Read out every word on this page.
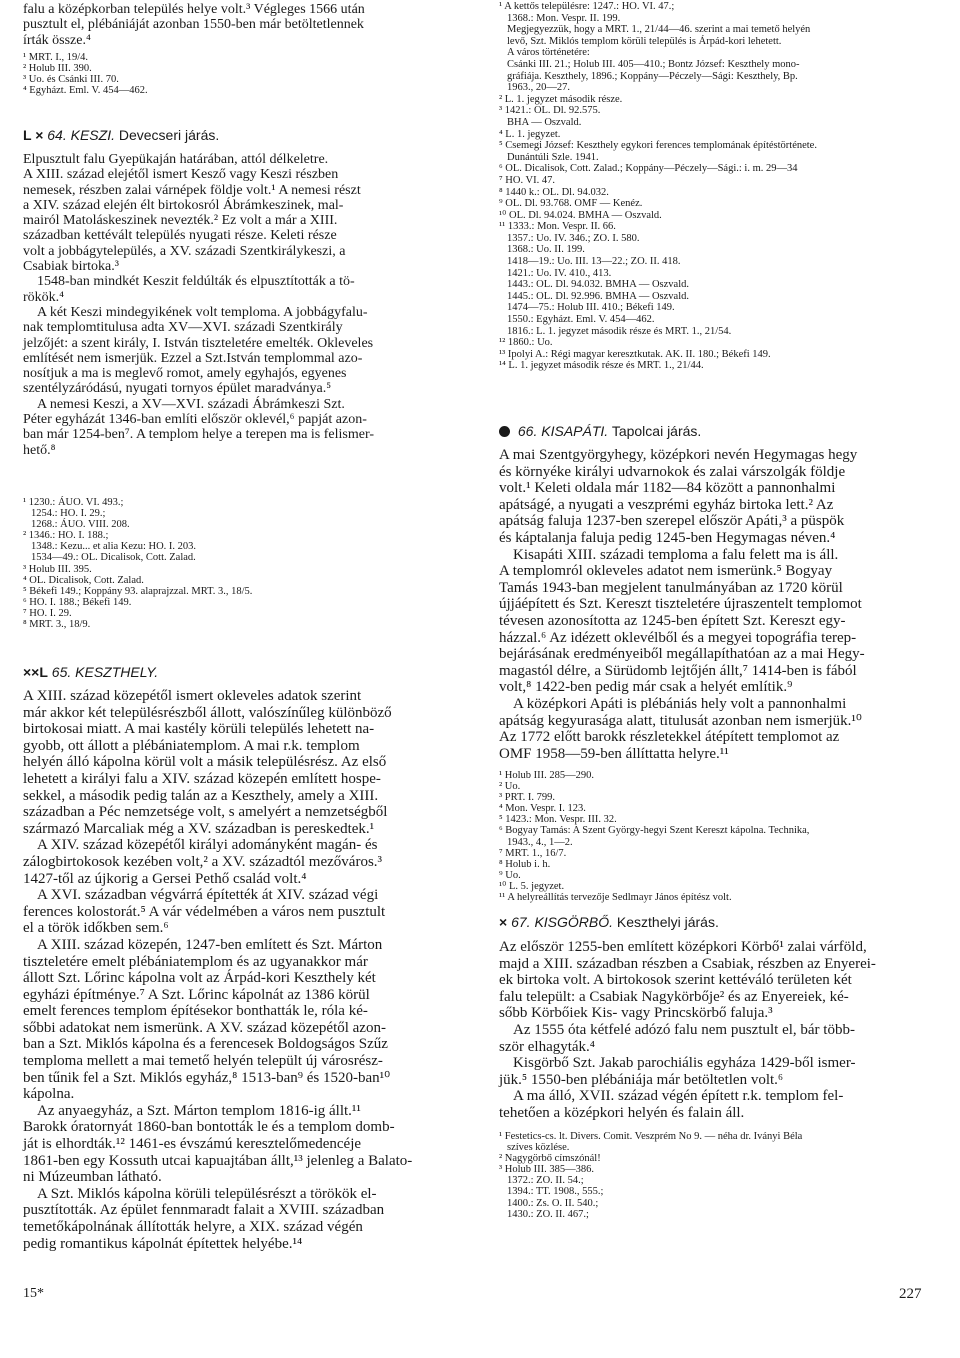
falu a középkorban település helye volt.³ Végleges 1566 után
pusztult el, plébániáját azonban 1550-ben már betöltetlennek
írták össze.⁴
¹ MRT. I., 19/4.
² Holub III. 390.
³ Uo. és Csánki III. 70.
⁴ Egyházt. Eml. V. 454—462.
L × 64. KESZI. Devecseri járás.
Elpusztult falu Gyepükaján határában, attól délkeletre.
A XIII. század elejétől ismert Kesző vagy Keszi részben
nemesek, részben zalai várnépek földje volt.¹ A nemesi részt
a XIV. század elején élt birtokosról Ábrámkeszinek, mal-
mairól Matoláskeszinek nevezték.² Ez volt a már a XIII.
században kettévált település nyugati része. Keleti része
volt a jobbágytelepülés, a XV. századi Szentkirálykeszi, a
Csabiak birtoka.³
1548-ban mindkét Keszit feldúlták és elpusztították a tö-
rökök.⁴
A két Keszi mindegyikének volt temploma. A jobbágyfalu-
nak templomtitulusa adta XV—XVI. századi Szentkirály
jelzőjét: a szent király, I. István tiszteletére emelték. Okleveles
említését nem ismerjük. Ezzel a Szt.István templommal azo-
nosítjuk a ma is meglevő romot, amely egyhajós, egyenes
szentélyzáródású, nyugati tornyos épület maradványa.⁵
A nemesi Keszi, a XV—XVI. századi Ábrámkeszi Szt.
Péter egyházát 1346-ban említi először oklevél,⁶ papját azon-
ban már 1254-ben⁷. A templom helye a terepen ma is felismer-
hető.⁸
¹ 1230.: ÁUO. VI. 493.;
1254.: HO. I. 29.;
1268.: ÁUO. VIII. 208.
² 1346.: HO. I. 188.;
1348.: Kezu... et alia Kezu: HO. I. 203.
1534—49.: OL. Dicalisok, Cott. Zalad.
³ Holub III. 395.
⁴ OL. Dicalisok, Cott. Zalad.
⁵ Békefi 149.; Koppány 93. alaprajzzal. MRT. 3., 18/5.
⁶ HO. I. 188.; Békefi 149.
⁷ HO. I. 29.
⁸ MRT. 3., 18/9.
××L 65. KESZTHELY.
A XIII. század közepétől ismert okleveles adatok szerint
már akkor két településrészből állott, valószínűleg különböző
birtokosai miatt. A mai kastély körüli település lehetett na-
gyobb, ott állott a plébániatemplom. A mai r.k. templom
helyén álló kápolna körül volt a másik településrész. Az első
lehetett a királyi falu a XIV. század közepén említett hospe-
sekkel, a második pedig talán az a Keszthely, amely a XIII.
században a Péc nemzetsége volt, s amelyért a nemzetségből
származó Marcaliak még a XV. században is pereskedtek.¹
A XIV. század közepétől királyi adományként magán- és
zálogbirtokosok kezében volt,² a XV. századtól mezőváros.³
1427-től az újkorig a Gersei Pethő család volt.⁴
A XVI. században végvárrá építették át XIV. század végi
ferences kolostorát.⁵ A vár védelmében a város nem pusztult
el a török időkben sem.⁶
A XIII. század közepén, 1247-ben említett és Szt. Márton
tiszteletére emelt plébániatemplom és az ugyanakkor már
állott Szt. Lőrinc kápolna volt az Árpád-kori Keszthely két
egyházi építménye.⁷ A Szt. Lőrinc kápolnát az 1386 körül
emelt ferences templom építésekor bonthatták le, róla ké-
sőbbi adatokat nem ismerünk. A XV. század közepétől azon-
ban a Szt. Miklós kápolna és a ferencesek Boldogságos Szűz
temploma mellett a mai temető helyén települt új városrész-
ben tűnik fel a Szt. Miklós egyház,⁸ 1513-ban⁹ és 1520-ban¹⁰
kápolna.
Az anyaegyház, a Szt. Márton templom 1816-ig állt.¹¹
Barokk óratornyát 1860-ban bontották le és a templom domb-
ját is elhordták.¹² 1461-es évszámú keresztelőmedencéje
1861-ben egy Kossuth utcai kapuajtában állt,¹³ jelenleg a Balato-
ni Múzeumban látható.
A Szt. Miklós kápolna körüli településrészt a törökök el-
pusztították. Az épület fennmaradt falait a XVIII. században
temetőkápolnának állították helyre, a XIX. század végén
pedig romantikus kápolnát építettek helyébe.¹⁴
15*
¹ A kettős településre: 1247.: HO. VI. 47.;
1368.: Mon. Vespr. II. 199.
Megjegyezzük, hogy a MRT. 1., 21/44—46. szerint a mai temető helyén
levő, Szt. Miklós templom körüli település is Árpád-kori lehetett.
A város történetére:
Csánki III. 21.; Holub III. 405—410.; Bontz József: Keszthely mono-
gráfiája. Keszthely, 1896.; Koppány—Péczely—Sági: Keszthely, Bp.
1963., 20—27.
² L. 1. jegyzet második része.
³ 1421.: OL. Dl. 92.575.
BHA — Oszvald.
⁴ L. 1. jegyzet.
⁵ Csemegi József: Keszthely egykori ferences templomának építéstörténete.
Dunántúli Szle. 1941.
⁶ OL. Dicalisok, Cott. Zalad.; Koppány—Péczely—Sági.: i. m. 29—34
⁷ HO. VI. 47.
⁸ 1440 k.: OL. Dl. 94.032.
⁹ OL. Dl. 93.768. OMF — Kenéz.
¹⁰ OL. Dl. 94.024. BMHA — Oszvald.
¹¹ 1333.: Mon. Vespr. II. 66.
1357.: Uo. IV. 346.; ZO. I. 580.
1368.: Uo. II. 199.
1418—19.: Uo. III. 13—22.; ZO. II. 418.
1421.: Uo. IV. 410., 413.
1443.: OL. Dl. 94.032. BMHA — Oszvald.
1445.: OL. Dl. 92.996. BMHA — Oszvald.
1474—75.: Holub III. 410.; Békefi 149.
1550.: Egyházt. Eml. V. 454—462.
1816.: L. 1. jegyzet második része és MRT. 1., 21/54.
¹² 1860.: Uo.
¹³ Ipolyi A.: Régi magyar keresztkutak. AK. II. 180.; Békefi 149.
¹⁴ L. 1. jegyzet második része és MRT. 1., 21/44.
66. KISAPÁTI. Tapolcai járás.
A mai Szentgyörgyhegy, középkori nevén Hegymagas hegy
és környéke királyi udvarnokok és zalai várszolgák földje
volt.¹ Keleti oldala már 1182—84 között a pannonhalmi
apátságé, a nyugati a veszprémi egyház birtoka lett.² Az
apátság faluja 1237-ben szerepel először Apáti,³ a püspök
és káptalanja faluja pedig 1245-ben Hegymagas néven.⁴
Kisapáti XIII. századi temploma a falu felett ma is áll.
A templomról okleveles adatot nem ismerünk.⁵ Bogyay
Tamás 1943-ban megjelent tanulmányában az 1720 körül
újjáépített és Szt. Kereszt tiszteletére újraszentelt templomot
tévesen azonosította az 1245-ben épített Szt. Kereszt egy-
házzal.⁶ Az idézett oklevélből és a megyei topográfia terep-
bejárásának eredményeiből megállapíthatóan az a mai Hegy-
magastól délre, a Sürüdomb lejtőjén állt,⁷ 1414-ben is fából
volt,⁸ 1422-ben pedig már csak a helyét említik.⁹
A középkori Apáti is plébániás hely volt a pannonhalmi
apátság kegyurasága alatt, titulusát azonban nem ismerjük.¹⁰
Az 1772 előtt barokk részletekkel átépített templomot az
OMF 1958—59-ben állíttatta helyre.¹¹
¹ Holub III. 285—290.
² Uo.
³ PRT. I. 799.
⁴ Mon. Vespr. I. 123.
⁵ 1423.: Mon. Vespr. III. 32.
⁶ Bogyay Tamás: A Szent György-hegyi Szent Kereszt kápolna. Technika,
1943., 4., 1—2.
⁷ MRT. 1., 16/7.
⁸ Holub i. h.
⁹ Uo.
¹⁰ L. 5. jegyzet.
¹¹ A helyreállítás tervezője Sedlmayr János építész volt.
× 67. KISGÖRBŐ. Keszthelyi járás.
Az először 1255-ben említett középkori Körbő¹ zalai várföld,
majd a XIII. században részben a Csabiak, részben az Enyerei-
ek birtoka volt. A birtokosok szerint kettéváló területen két
falu települt: a Csabiak Nagykörbője² és az Enyereiek, ké-
sőbb Körbőiek Kis- vagy Princskörbő faluja.³
Az 1555 óta kétfelé adózó falu nem pusztult el, bár több-
ször elhagyták.⁴
Kisgörbő Szt. Jakab parochiális egyháza 1429-ből ismer-
jük.⁵ 1550-ben plébániája már betöltetlen volt.⁶
A ma álló, XVII. század végén épített r.k. templom fel-
tehetően a középkori helyén és falain áll.
¹ Festetics-cs. lt. Divers. Comit. Veszprém No 9. — néha dr. Iványi Béla
szíves közlése.
² Nagygörbő címszónál!
³ Holub III. 385—386.
1372.: ZO. II. 54.;
1394.: TT. 1908., 555.;
1400.: Zs. O. II. 540.;
1430.: ZO. II. 467.;
227
